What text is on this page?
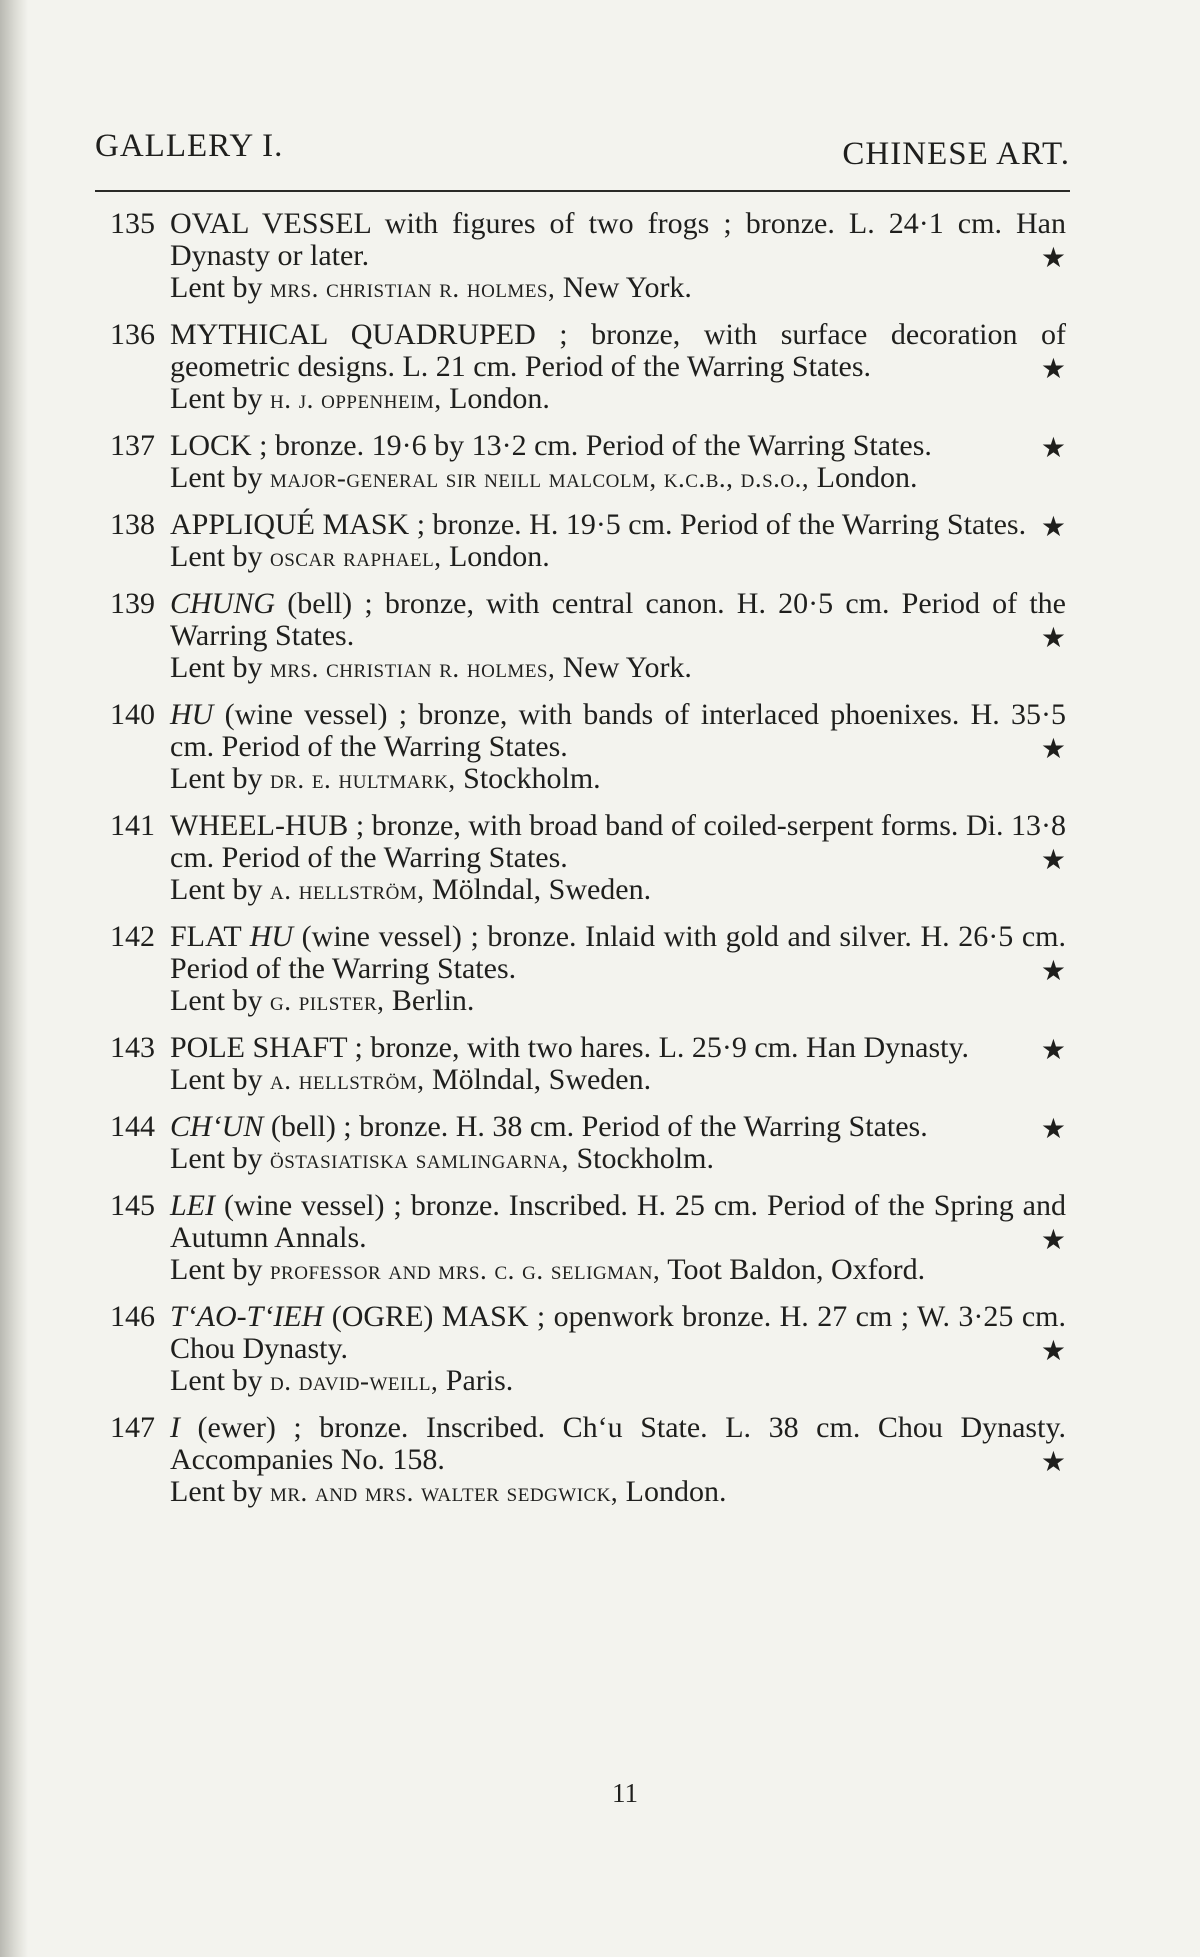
GALLERY I.	CHINESE ART.
135 OVAL VESSEL with figures of two frogs ; bronze. L. 24·1 cm. Han Dynasty or later.	★
Lent by mrs. christian r. holmes, New York.
136 MYTHICAL QUADRUPED ; bronze, with surface decoration of geometric designs. L. 21 cm. Period of the Warring States.	★
Lent by h. j. oppenheim, London.
137 LOCK ; bronze. 19·6 by 13·2 cm. Period of the Warring States.	★
Lent by major-general sir neill malcolm, k.c.b., d.s.o., London.
138 APPLIQUÉ MASK ; bronze. H. 19·5 cm. Period of the Warring States. ★
Lent by oscar raphael, London.
139 CHUNG (bell) ; bronze, with central canon. H. 20·5 cm. Period of the Warring States.	★
Lent by mrs. christian r. holmes, New York.
140 HU (wine vessel) ; bronze, with bands of interlaced phoenixes. H. 35·5 cm. Period of the Warring States.	★
Lent by dr. e. hultmark, Stockholm.
141 WHEEL-HUB ; bronze, with broad band of coiled-serpent forms. Di. 13·8 cm. Period of the Warring States.	★
Lent by a. hellström, Mölndal, Sweden.
142 FLAT HU (wine vessel) ; bronze. Inlaid with gold and silver. H. 26·5 cm. Period of the Warring States.	★
Lent by g. pilster, Berlin.
143 POLE SHAFT ; bronze, with two hares. L. 25·9 cm. Han Dynasty.	★
Lent by a. hellström, Mölndal, Sweden.
144 CH‘UN (bell) ; bronze. H. 38 cm. Period of the Warring States.	★
Lent by östasiatiska samlingarna, Stockholm.
145 LEI (wine vessel) ; bronze. Inscribed. H. 25 cm. Period of the Spring and Autumn Annals.	★
Lent by professor and mrs. c. g. seligman, Toot Baldon, Oxford.
146 T‘AO-T‘IEH (OGRE) MASK ; openwork bronze. H. 27 cm ; W. 3·25 cm. Chou Dynasty.	★
Lent by d. david-weill, Paris.
147 I (ewer) ; bronze. Inscribed. Ch‘u State. L. 38 cm. Chou Dynasty. Accompanies No. 158.	★
Lent by mr. and mrs. walter sedgwick, London.
11
